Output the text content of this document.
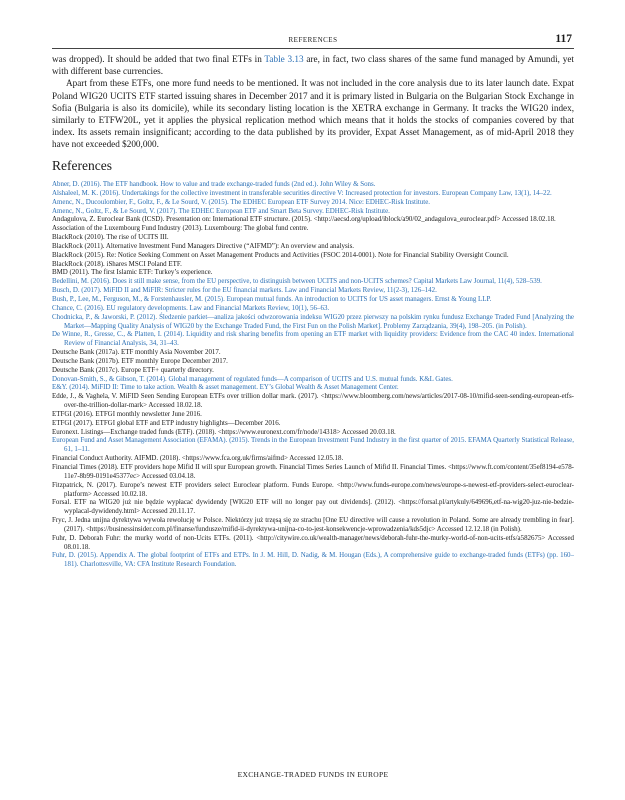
REFERENCES	117

was dropped). It should be added that two final ETFs in Table 3.13 are, in fact, two class shares of the same fund managed by Amundi, yet with different base currencies.

Apart from these ETFs, one more fund needs to be mentioned. It was not included in the core analysis due to its later launch date. Expat Poland WIG20 UCITS ETF started issuing shares in December 2017 and it is primary listed in Bulgaria on the Bulgarian Stock Exchange in Sofia (Bulgaria is also its domicile), while its secondary listing location is the XETRA exchange in Germany. It tracks the WIG20 index, similarly to ETFW20L, yet it applies the physical replication method which means that it holds the stocks of companies covered by that index. Its assets remain insignificant; according to the data published by its provider, Expat Asset Management, as of mid-April 2018 they have not exceeded $200,000.

References

Abner, D. (2016). The ETF handbook. How to value and trade exchange-traded funds (2nd ed.). John Wiley & Sons.

Alshaleel, M. K. (2016). Undertakings for the collective investment in transferable securities directive V: Increased protection for investors. European Company Law, 13(1), 14–22.

Amenc, N., Ducoulombier, F., Goltz, F., & Le Sourd, V. (2015). The EDHEC European ETF Survey 2014. Nice: EDHEC-Risk Institute.

Amenc, N., Goltz, F., & Le Sourd, V. (2017). The EDHEC European ETF and Smart Beta Survey. EDHEC-Risk Institute.

Andagulova, Z. Euroclear Bank (ICSD). Presentation on: International ETF structure. (2015). <http://aecsd.org/upload/iblock/a90/02_andagulova_euroclear.pdf> Accessed 18.02.18.

Association of the Luxembourg Fund Industry (2013). Luxembourg: The global fund centre.

BlackRock (2010). The rise of UCITS III.

BlackRock (2011). Alternative Investment Fund Managers Directive (“AIFMD”): An overview and analysis.

BlackRock (2015). Re: Notice Seeking Comment on Asset Management Products and Activities (FSOC 2014-0001). Note for Financial Stability Oversight Council.

BlackRock (2018). iShares MSCI Poland ETF.

BMD (2011). The first Islamic ETF: Turkey’s experience.

Bedellini, M. (2016). Does it still make sense, from the EU perspective, to distinguish between UCITS and non-UCITS schemes? Capital Markets Law Journal, 11(4), 528–539.

Busch, D. (2017). MiFID II and MiFIR: Stricter rules for the EU financial markets. Law and Financial Markets Review, 11(2-3), 126–142.

Bush, P., Lee, M., Ferguson, M., & Forstenhausler, M. (2015). European mutual funds. An introduction to UCITS for US asset managers. Ernst & Young LLP.

Chance, C. (2016). EU regulatory developments. Law and Financial Markets Review, 10(1), 56–63.

Chodnicka, P., & Jaworski, P. (2012). Śledzenie parkiet—analiza jakości odwzorowania indeksu WIG20 przez pierwszy na polskim rynku fundusz Exchange Traded Fund [Analyzing the Market—Mapping Quality Analysis of WIG20 by the Exchange Traded Fund, the First Fun on the Polish Market]. Problemy Zarządzania, 39(4), 198–205. (in Polish).

De Winne, R., Gresse, C., & Platten, I. (2014). Liquidity and risk sharing benefits from opening an ETF market with liquidity providers: Evidence from the CAC 40 index. International Review of Financial Analysis, 34, 31–43.

Deutsche Bank (2017a). ETF monthly Asia November 2017.

Deutsche Bank (2017b). ETF monthly Europe December 2017.

Deutsche Bank (2017c). Europe ETF+ quarterly directory.

Donovan-Smith, S., & Gibson, T. (2014). Global management of regulated funds—A comparison of UCITS and U.S. mutual funds. K&L Gates.

E&Y. (2014). MiFID II: Time to take action. Wealth & asset management. EY’s Global Wealth & Asset Management Center.

Edde, J., & Vaghela, V. MiFID Seen Sending European ETFs over trillion dollar mark. (2017). <https://www.bloomberg.com/news/articles/2017-08-10/mifid-seen-sending-european-etfs-over-the-trillion-dollar-mark> Accessed 18.02.18.

ETFGI (2016). ETFGI monthly newsletter June 2016.

ETFGI (2017). ETFGI global ETF and ETP industry highlights—December 2016.

Euronext. Listings—Exchange traded funds (ETF). (2018). <https://www.euronext.com/fr/node/14318> Accessed 20.03.18.

European Fund and Asset Management Association (EFAMA). (2015). Trends in the European Investment Fund Industry in the first quarter of 2015. EFAMA Quarterly Statistical Release, 61, 1–11.

Financial Conduct Authority. AIFMD. (2018). <https://www.fca.org.uk/firms/aifmd> Accessed 12.05.18.

Financial Times (2018). ETF providers hope Mifid II will spur European growth. Financial Times Series Launch of Mifid II. Financial Times. <https://www.ft.com/content/35ef8194-e578-11e7-8b99-0191e45377ec> Accessed 03.04.18.

Fitzpatrick, N. (2017). Europe’s newest ETF providers select Euroclear platform. Funds Europe. <http://www.funds-europe.com/news/europe-s-newest-etf-providers-select-euroclear-platform> Accessed 10.02.18.

Forsal. ETF na WIG20 już nie będzie wypłacać dywidendy [WIG20 ETF will no longer pay out dividends]. (2012). <https://forsal.pl/artykuly/649696,etf-na-wig20-juz-nie-bedzie-wyplacal-dywidendy.html> Accessed 20.11.17.

Fryc, J. Jedna unijna dyrektywa wywoła rewolucję w Polsce. Niektórzy już trzęsą się ze strachu [One EU directive will cause a revolution in Poland. Some are already trembling in fear]. (2017). <https://businessinsider.com.pl/finanse/fundusze/mifid-ii-dyrektywa-unijna-co-to-jest-konsekwencje-wprowadzenia/kds5djc> Accessed 12.12.18 (in Polish).

Fuhr, D. Deborah Fuhr: the murky world of non-Ucits ETFs. (2011). <http://citywire.co.uk/wealth-manager/news/deborah-fuhr-the-murky-world-of-non-ucits-etfs/a582675> Accessed 08.01.18.

Fuhr, D. (2015). Appendix A. The global footprint of ETFs and ETPs. In J. M. Hill, D. Nadig, & M. Hougan (Eds.), A comprehensive guide to exchange-traded funds (ETFs) (pp. 160–181). Charlottesville, VA: CFA Institute Research Foundation.

EXCHANGE-TRADED FUNDS IN EUROPE
